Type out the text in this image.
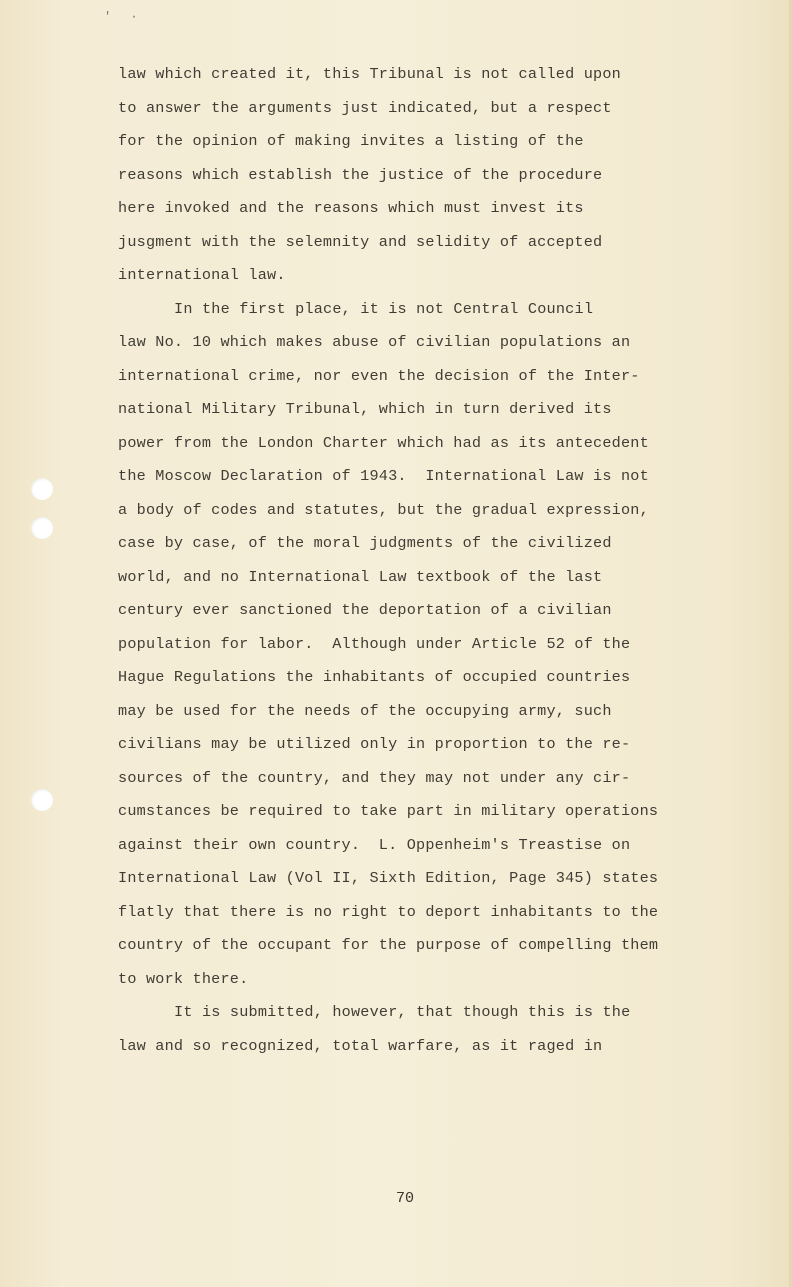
' ·
law which created it, this Tribunal is not called upon
to answer the arguments just indicated, but a respect
for the opinion of making invites a listing of the
reasons which establish the justice of the procedure
here invoked and the reasons which must invest its
jusgment with the selemnity and selidity of accepted
international law.
In the first place, it is not Central Council
law No. 10 which makes abuse of civilian populations an
international crime, nor even the decision of the Inter-
national Military Tribunal, which in turn derived its
power from the London Charter which had as its antecedent
the Moscow Declaration of 1943.  International Law is not
a body of codes and statutes, but the gradual expression,
case by case, of the moral judgments of the civilized
world, and no International Law textbook of the last
century ever sanctioned the deportation of a civilian
population for labor.  Although under Article 52 of the
Hague Regulations the inhabitants of occupied countries
may be used for the needs of the occupying army, such
civilians may be utilized only in proportion to the re-
sources of the country, and they may not under any cir-
cumstances be required to take part in military operations
against their own country.  L. Oppenheim's Treastise on
International Law (Vol II, Sixth Edition, Page 345) states
flatly that there is no right to deport inhabitants to the
country of the occupant for the purpose of compelling them
to work there.
It is submitted, however, that though this is the
law and so recognized, total warfare, as it raged in
70
